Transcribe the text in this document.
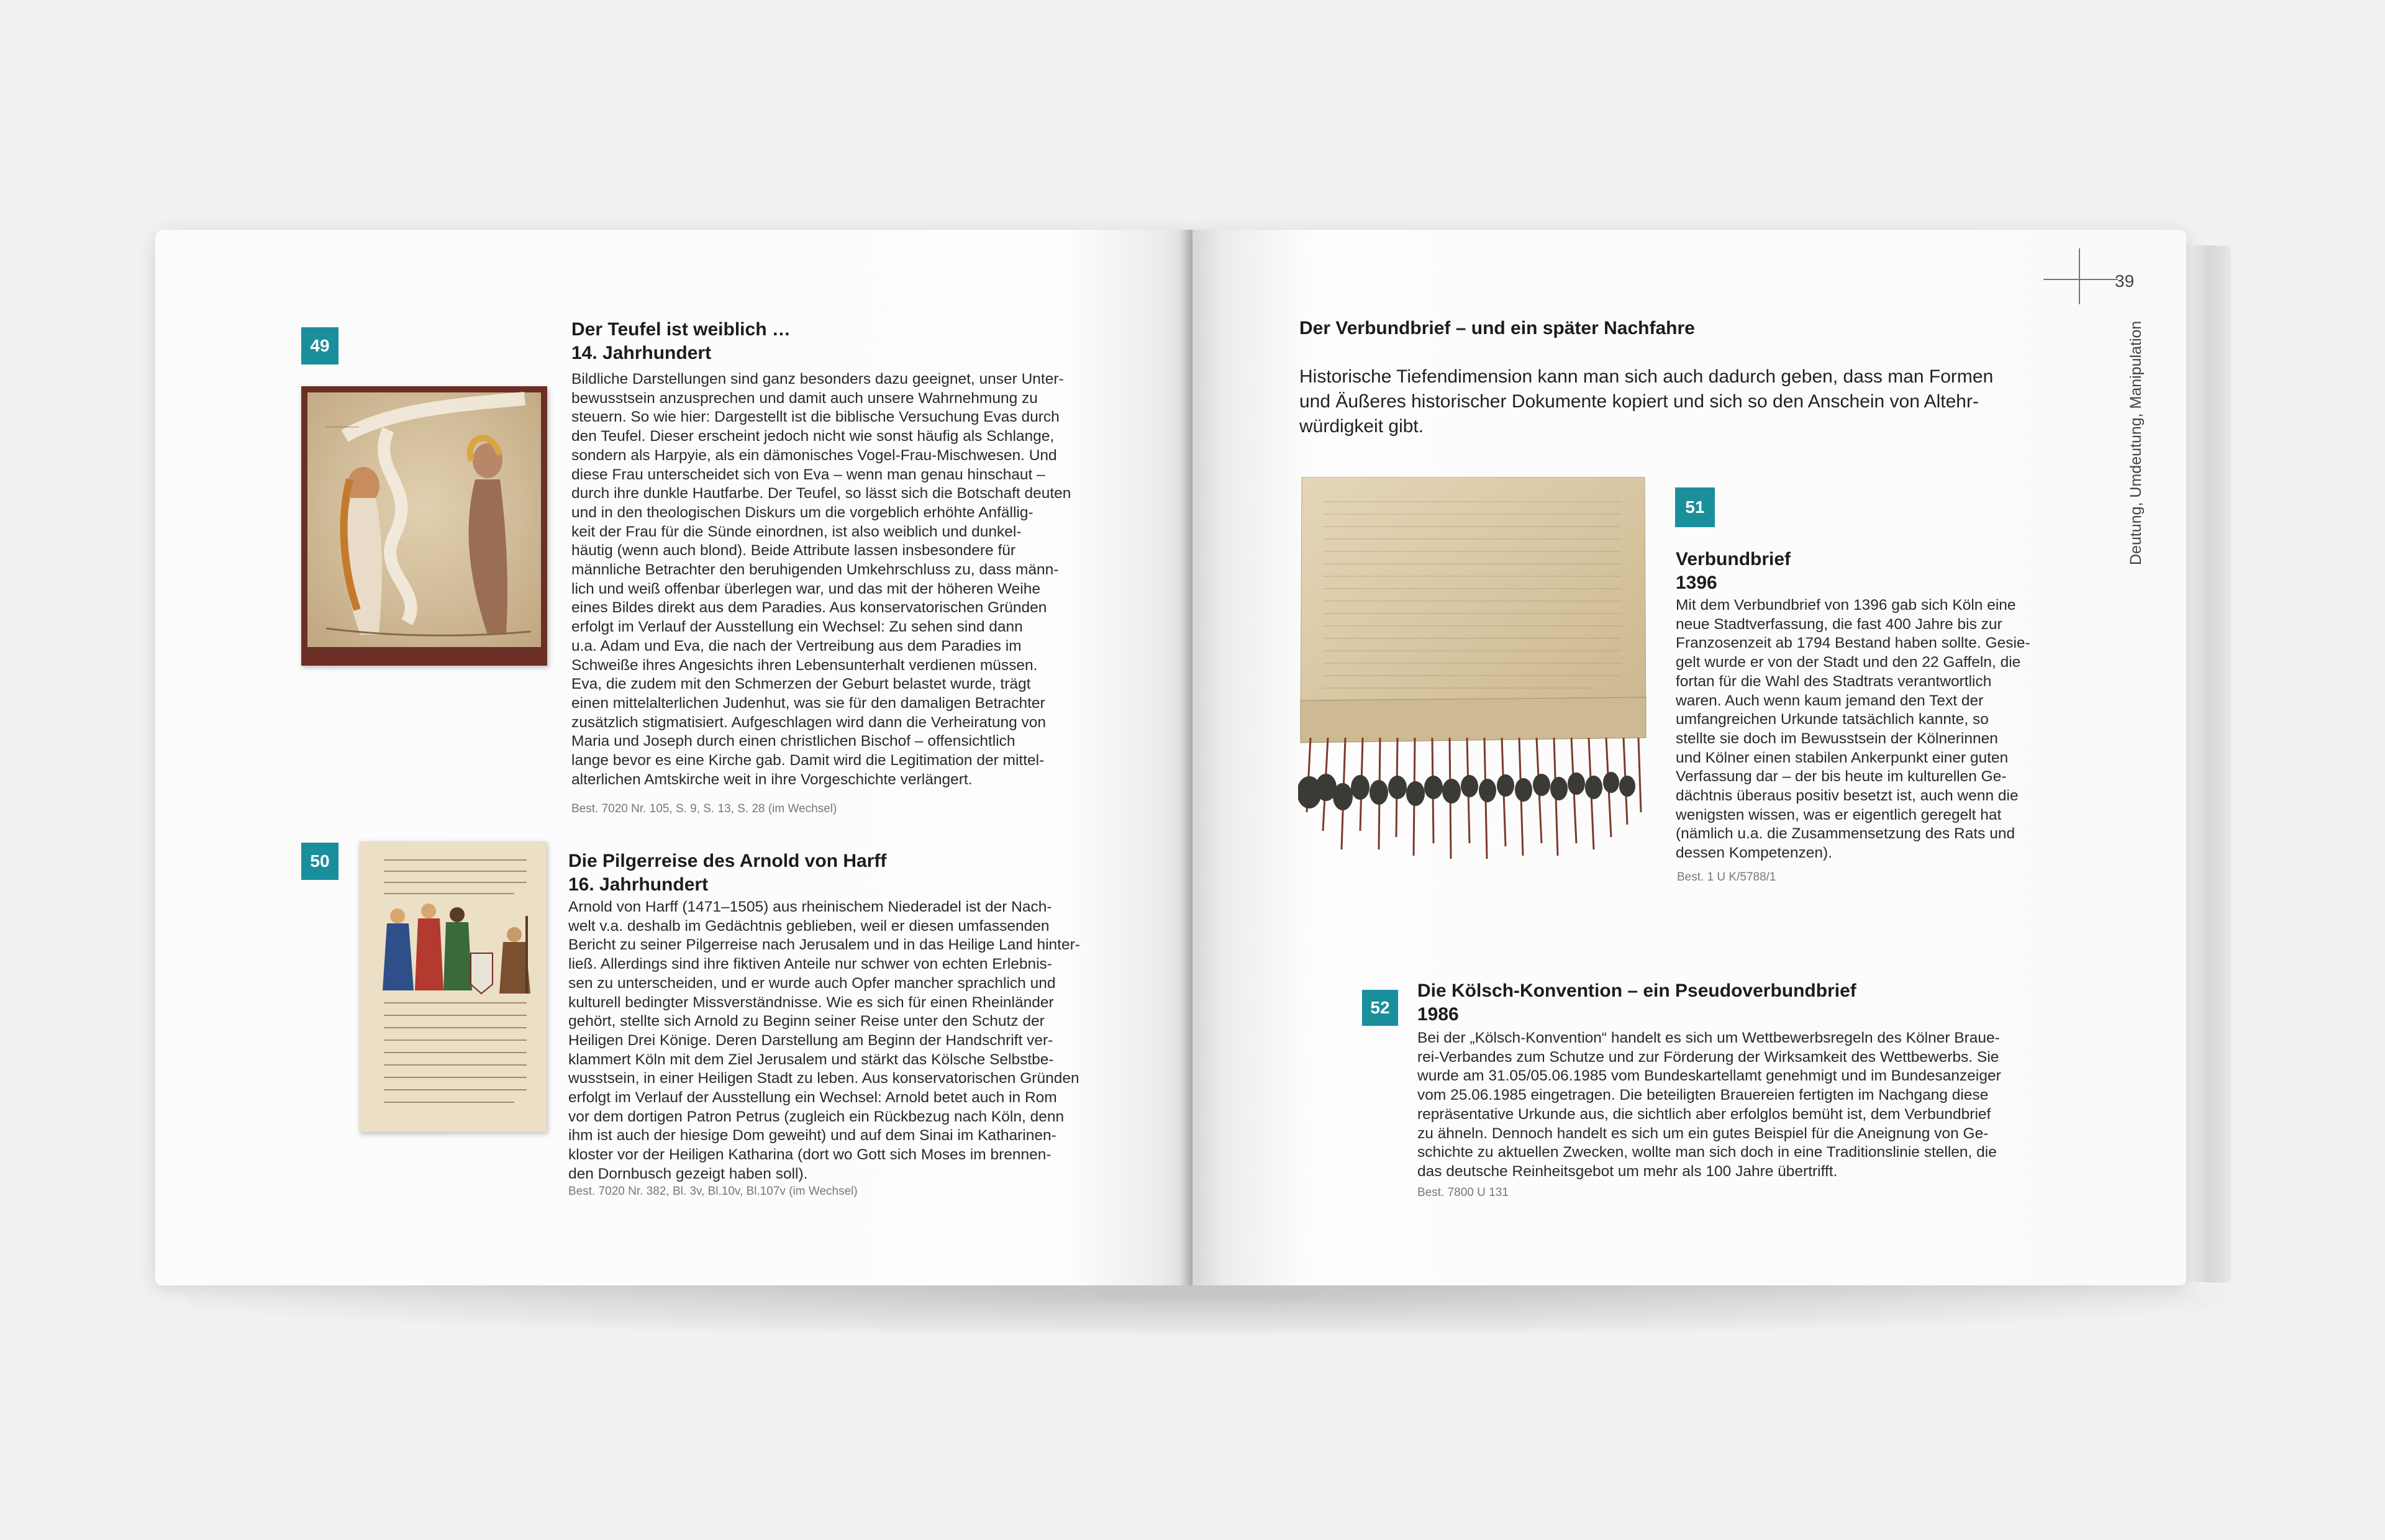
49
Der Teufel ist weiblich …
14. Jahrhundert
Bildliche Darstellungen sind ganz besonders dazu geeignet, unser Unter-
bewusstsein anzusprechen und damit auch unsere Wahrnehmung zu
steuern. So wie hier: Dargestellt ist die biblische Versuchung Evas durch
den Teufel. Dieser erscheint jedoch nicht wie sonst häufig als Schlange,
sondern als Harpyie, als ein dämonisches Vogel-Frau-Mischwesen. Und
diese Frau unterscheidet sich von Eva – wenn man genau hinschaut –
durch ihre dunkle Hautfarbe. Der Teufel, so lässt sich die Botschaft deuten
und in den theologischen Diskurs um die vorgeblich erhöhte Anfällig-
keit der Frau für die Sünde einordnen, ist also weiblich und dunkel-
häutig (wenn auch blond). Beide Attribute lassen insbesondere für
männliche Betrachter den beruhigenden Umkehrschluss zu, dass männ-
lich und weiß offenbar überlegen war, und das mit der höheren Weihe
eines Bildes direkt aus dem Paradies. Aus konservatorischen Gründen
erfolgt im Verlauf der Ausstellung ein Wechsel: Zu sehen sind dann
u.a. Adam und Eva, die nach der Vertreibung aus dem Paradies im
Schweiße ihres Angesichts ihren Lebensunterhalt verdienen müssen.
Eva, die zudem mit den Schmerzen der Geburt belastet wurde, trägt
einen mittelalterlichen Judenhut, was sie für den damaligen Betrachter
zusätzlich stigmatisiert. Aufgeschlagen wird dann die Verheiratung von
Maria und Joseph durch einen christlichen Bischof – offensichtlich
lange bevor es eine Kirche gab. Damit wird die Legitimation der mittel-
alterlichen Amtskirche weit in ihre Vorgeschichte verlängert.
Best. 7020 Nr. 105, S. 9, S. 13, S. 28 (im Wechsel)
~~~~~~~
50	Die Pilgerreise des Arnold von Harff
16. Jahrhundert
Arnold von Harff (1471–1505) aus rheinischem Niederadel ist der Nach-
welt v.a. deshalb im Gedächtnis geblieben, weil er diesen umfassenden
Bericht zu seiner Pilgerreise nach Jerusalem und in das Heilige Land hinter-
ließ. Allerdings sind ihre fiktiven Anteile nur schwer von echten Erlebnis-
sen zu unterscheiden, und er wurde auch Opfer mancher sprachlich und
kulturell bedingter Missverständnisse. Wie es sich für einen Rheinländer
gehört, stellte sich Arnold zu Beginn seiner Reise unter den Schutz der
Heiligen Drei Könige. Deren Darstellung am Beginn der Handschrift ver-
klammert Köln mit dem Ziel Jerusalem und stärkt das Kölsche Selbstbe-
wusstsein, in einer Heiligen Stadt zu leben. Aus konservatorischen Gründen
erfolgt im Verlauf der Ausstellung ein Wechsel: Arnold betet auch in Rom
vor dem dortigen Patron Petrus (zugleich ein Rückbezug nach Köln, denn
ihm ist auch der hiesige Dom geweiht) und auf dem Sinai im Katharinen-
kloster vor der Heiligen Katharina (dort wo Gott sich Moses im brennen-
den Dornbusch gezeigt haben soll).
Best. 7020 Nr. 382, Bl. 3v, Bl.10v, Bl.107v (im Wechsel)
39
Deutung, Umdeutung, Manipulation
Der Verbundbrief – und ein später Nachfahre
Historische Tiefendimension kann man sich auch dadurch geben, dass man Formen
und Äußeres historischer Dokumente kopiert und sich so den Anschein von Altehr-
würdigkeit gibt.
51
Verbundbrief
1396
Mit dem Verbundbrief von 1396 gab sich Köln eine
neue Stadtverfassung, die fast 400 Jahre bis zur
Franzosenzeit ab 1794 Bestand haben sollte. Gesie-
gelt wurde er von der Stadt und den 22 Gaffeln, die
fortan für die Wahl des Stadtrats verantwortlich
waren. Auch wenn kaum jemand den Text der
umfangreichen Urkunde tatsächlich kannte, so
stellte sie doch im Bewusstsein der Kölnerinnen
und Kölner einen stabilen Ankerpunkt einer guten
Verfassung dar – der bis heute im kulturellen Ge-
dächtnis überaus positiv besetzt ist, auch wenn die
wenigsten wissen, was er eigentlich geregelt hat
(nämlich u.a. die Zusammensetzung des Rats und
dessen Kompetenzen).
Best. 1 U K/5788/1
52
Die Kölsch-Konvention – ein Pseudoverbundbrief
1986
Bei der „Kölsch-Konvention“ handelt es sich um Wettbewerbsregeln des Kölner Braue-
rei-Verbandes zum Schutze und zur Förderung der Wirksamkeit des Wettbewerbs. Sie
wurde am 31.05/05.06.1985 vom Bundeskartellamt genehmigt und im Bundesanzeiger
vom 25.06.1985 eingetragen. Die beteiligten Brauereien fertigten im Nachgang diese
repräsentative Urkunde aus, die sichtlich aber erfolglos bemüht ist, dem Verbundbrief
zu ähneln. Dennoch handelt es sich um ein gutes Beispiel für die Aneignung von Ge-
schichte zu aktuellen Zwecken, wollte man sich doch in eine Traditionslinie stellen, die
das deutsche Reinheitsgebot um mehr als 100 Jahre übertrifft.
Best. 7800 U 131
